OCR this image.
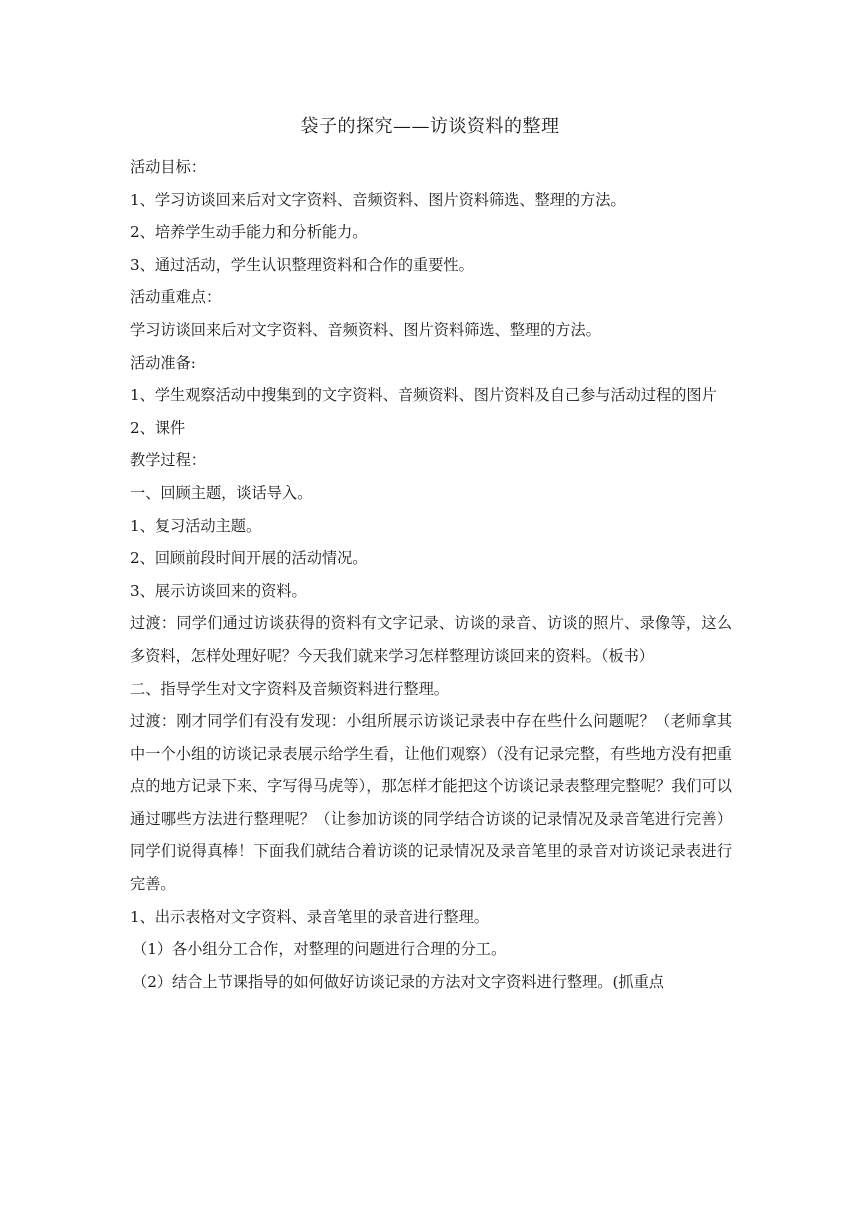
袋子的探究——访谈资料的整理

活动目标：

1、学习访谈回来后对文字资料、音频资料、图片资料筛选、整理的方法。

2、培养学生动手能力和分析能力。

3、通过活动，学生认识整理资料和合作的重要性。

活动重难点：

学习访谈回来后对文字资料、音频资料、图片资料筛选、整理的方法。

活动准备:

1、学生观察活动中搜集到的文字资料、音频资料、图片资料及自己参与活动过程的图片

2、课件

教学过程：

一、回顾主题，谈话导入。

1、复习活动主题。

2、回顾前段时间开展的活动情况。

3、展示访谈回来的资料。

过渡：同学们通过访谈获得的资料有文字记录、访谈的录音、访谈的照片、录像等，这么多资料，怎样处理好呢？今天我们就来学习怎样整理访谈回来的资料。（板书）

二、指导学生对文字资料及音频资料进行整理。

过渡：刚才同学们有没有发现：小组所展示访谈记录表中存在些什么问题呢？（老师拿其中一个小组的访谈记录表展示给学生看，让他们观察）（没有记录完整，有些地方没有把重点的地方记录下来、字写得马虎等），那怎样才能把这个访谈记录表整理完整呢？我们可以通过哪些方法进行整理呢？（让参加访谈的同学结合访谈的记录情况及录音笔进行完善）同学们说得真棒！下面我们就结合着访谈的记录情况及录音笔里的录音对访谈记录表进行完善。

1、出示表格对文字资料、录音笔里的录音进行整理。

（1）各小组分工合作，对整理的问题进行合理的分工。

（2）结合上节课指导的如何做好访谈记录的方法对文字资料进行整理。(抓重点
